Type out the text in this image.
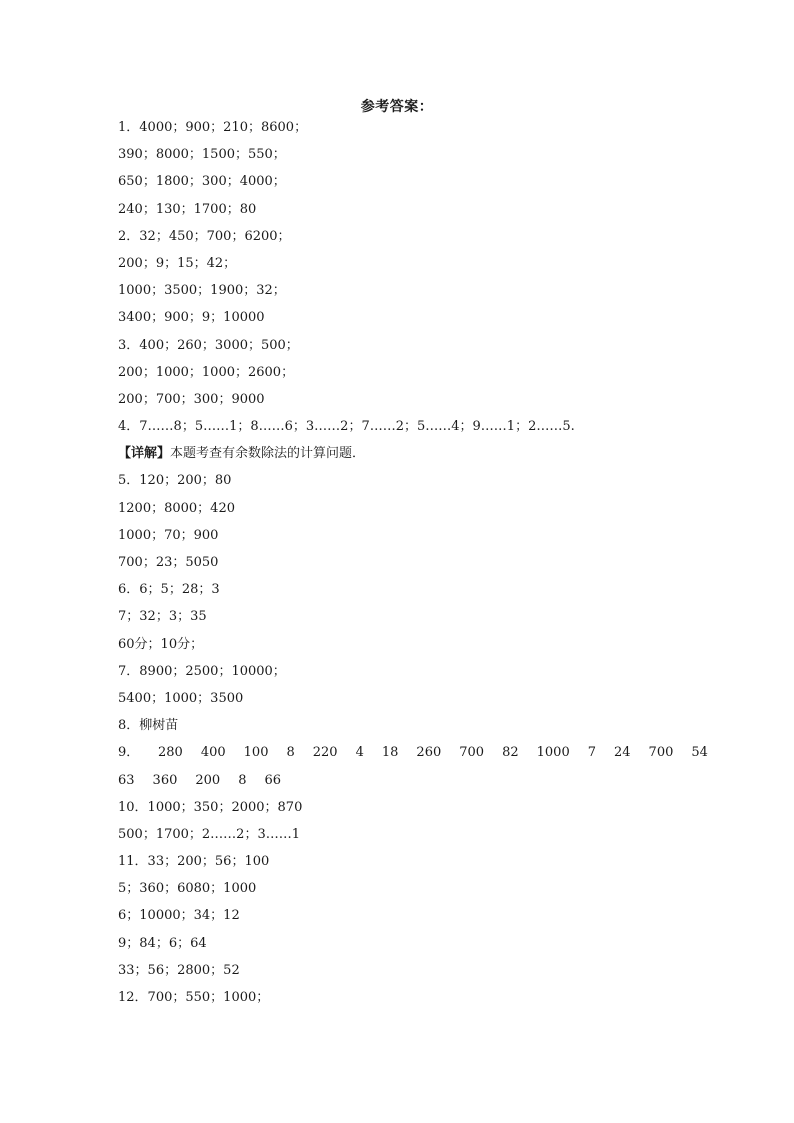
参考答案：
1．4000；900；210；8600；
390；8000；1500；550；
650；1800；300；4000；
240；130；1700；80
2．32；450；700；6200；
200；9；15；42；
1000；3500；1900；32；
3400；900；9；10000
3．400；260；3000；500；
200；1000；1000；2600；
200；700；300；9000
4．7……8；5……1；8……6；3……2；7……2；5……4；9……1；2……5.
【详解】本题考查有余数除法的计算问题．
5．120；200；80
1200；8000；420
1000；70；900
700；23；5050
6．6；5；28；3
7；32；3；35
60分；10分；
7．8900；2500；10000；
5400；1000；3500
8．柳树苗
9．	280	400	100	8	220	4	18	260	700	82	1000	7	24	700	54
63	360	200	8	66
10．1000；350；2000；870
500；1700；2……2；3……1
11．33；200；56；100
5；360；6080；1000
6；10000；34；12
9；84；6；64
33；56；2800；52
12．700；550；1000；
